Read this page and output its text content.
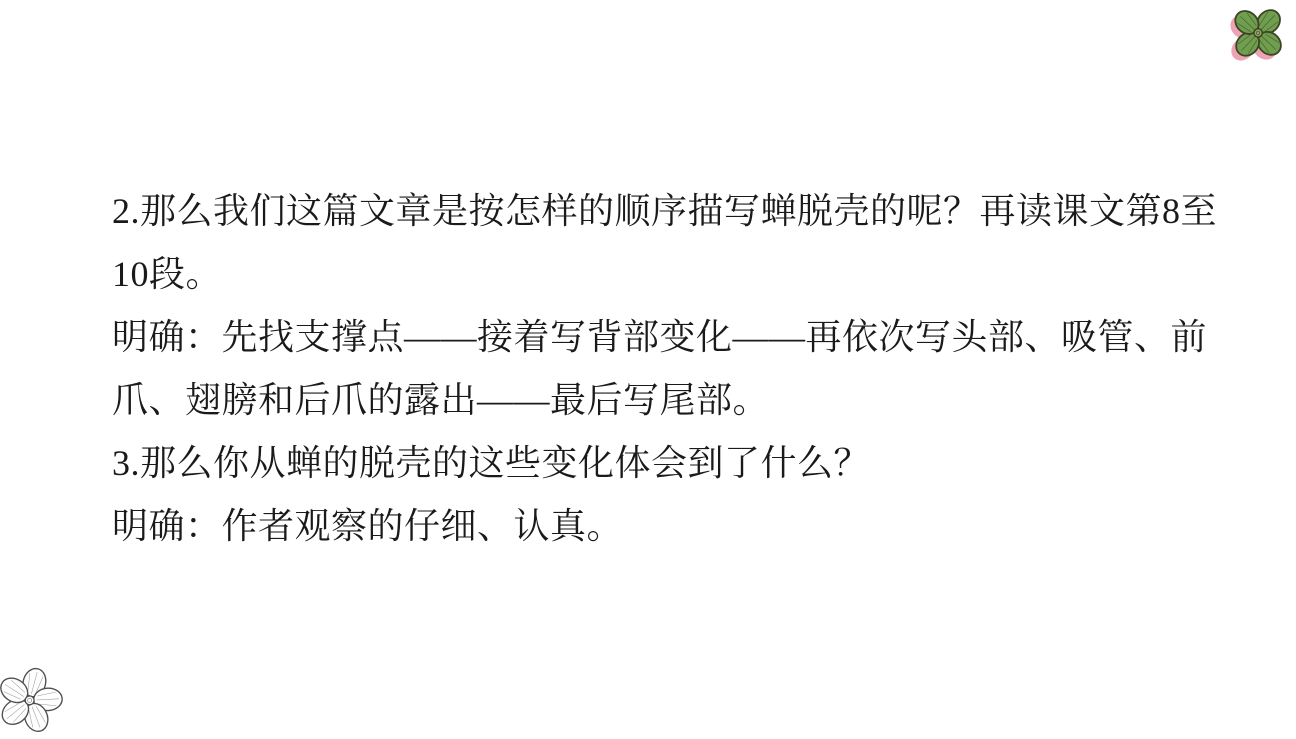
2.那么我们这篇文章是按怎样的顺序描写蝉脱壳的呢？再读课文第8至
10段。
明确：先找支撑点——接着写背部变化——再依次写头部、吸管、前
爪、翅膀和后爪的露出——最后写尾部。
3.那么你从蝉的脱壳的这些变化体会到了什么？
明确：作者观察的仔细、认真。
